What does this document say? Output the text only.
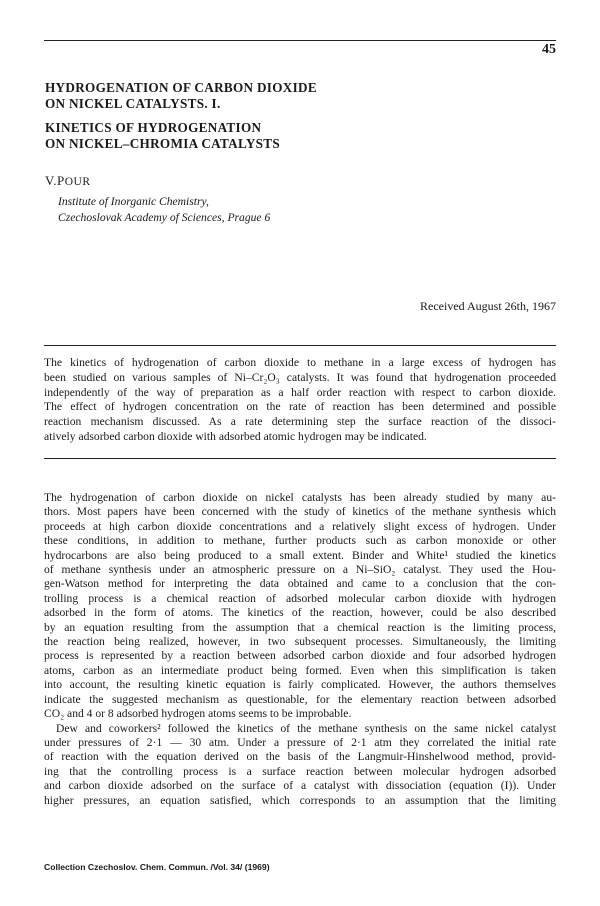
45
HYDROGENATION OF CARBON DIOXIDE
ON NICKEL CATALYSTS. I.
KINETICS OF HYDROGENATION
ON NICKEL–CHROMIA CATALYSTS

V.POUR

Institute of Inorganic Chemistry,
Czechoslovak Academy of Sciences, Prague 6

Received August 26th, 1967

The kinetics of hydrogenation of carbon dioxide to methane in a large excess of hydrogen has
been studied on various samples of Ni–Cr₂O₃ catalysts. It was found that hydrogenation proceeded
independently of the way of preparation as a half order reaction with respect to carbon dioxide.
The effect of hydrogen concentration on the rate of reaction has been determined and possible
reaction mechanism discussed. As a rate determining step the surface reaction of the dissoci-
atively adsorbed carbon dioxide with adsorbed atomic hydrogen may be indicated.
The hydrogenation of carbon dioxide on nickel catalysts has been already studied by many au-
thors. Most papers have been concerned with the study of kinetics of the methane synthesis which
proceeds at high carbon dioxide concentrations and a relatively slight excess of hydrogen. Under
these conditions, in addition to methane, further products such as carbon monoxide or other
hydrocarbons are also being produced to a small extent. Binder and White¹ studied the kinetics
of methane synthesis under an atmospheric pressure on a Ni–SiO₂ catalyst. They used the Hou-
gen-Watson method for interpreting the data obtained and came to a conclusion that the con-
trolling process is a chemical reaction of adsorbed molecular carbon dioxide with hydrogen
adsorbed in the form of atoms. The kinetics of the reaction, however, could be also described
by an equation resulting from the assumption that a chemical reaction is the limiting process,
the reaction being realized, however, in two subsequent processes. Simultaneously, the limiting
process is represented by a reaction between adsorbed carbon dioxide and four adsorbed hydrogen
atoms, carbon as an intermediate product being formed. Even when this simplification is taken
into account, the resulting kinetic equation is fairly complicated. However, the authors themselves
indicate the suggested mechanism as questionable, for the elementary reaction between adsorbed
CO₂ and 4 or 8 adsorbed hydrogen atoms seems to be improbable.
Dew and coworkers² followed the kinetics of the methane synthesis on the same nickel catalyst
under pressures of 2·1 — 30 atm. Under a pressure of 2·1 atm they correlated the initial rate
of reaction with the equation derived on the basis of the Langmuir-Hinshelwood method, provid-
ing that the controlling process is a surface reaction between molecular hydrogen adsorbed
and carbon dioxide adsorbed on the surface of a catalyst with dissociation (equation (I)). Under
higher pressures, an equation satisfied, which corresponds to an assumption that the limiting

Collection Czechoslov. Chem. Commun. /Vol. 34/ (1969)
